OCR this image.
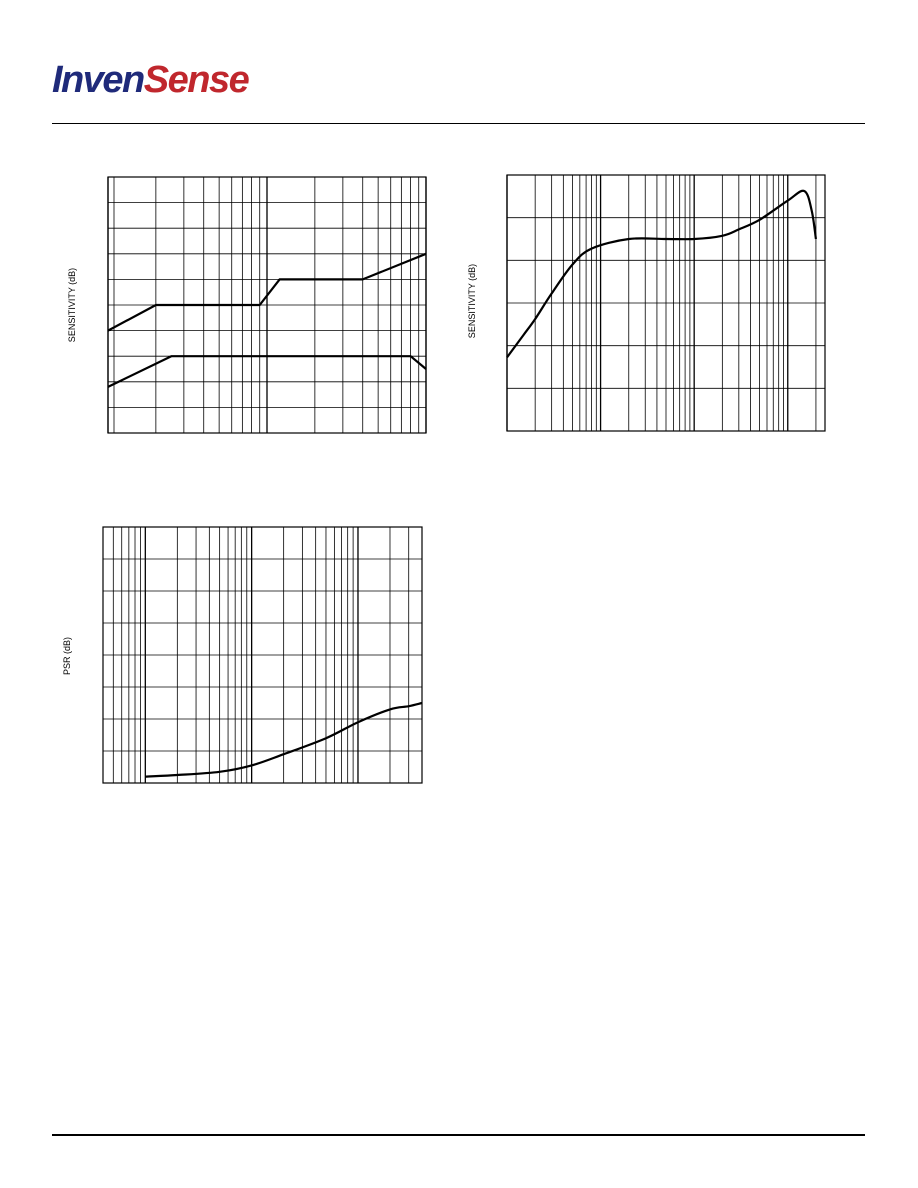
InvenSense
SENSITIVITY (dB)	SENSITIVITY (dB)
PSR (dB)
